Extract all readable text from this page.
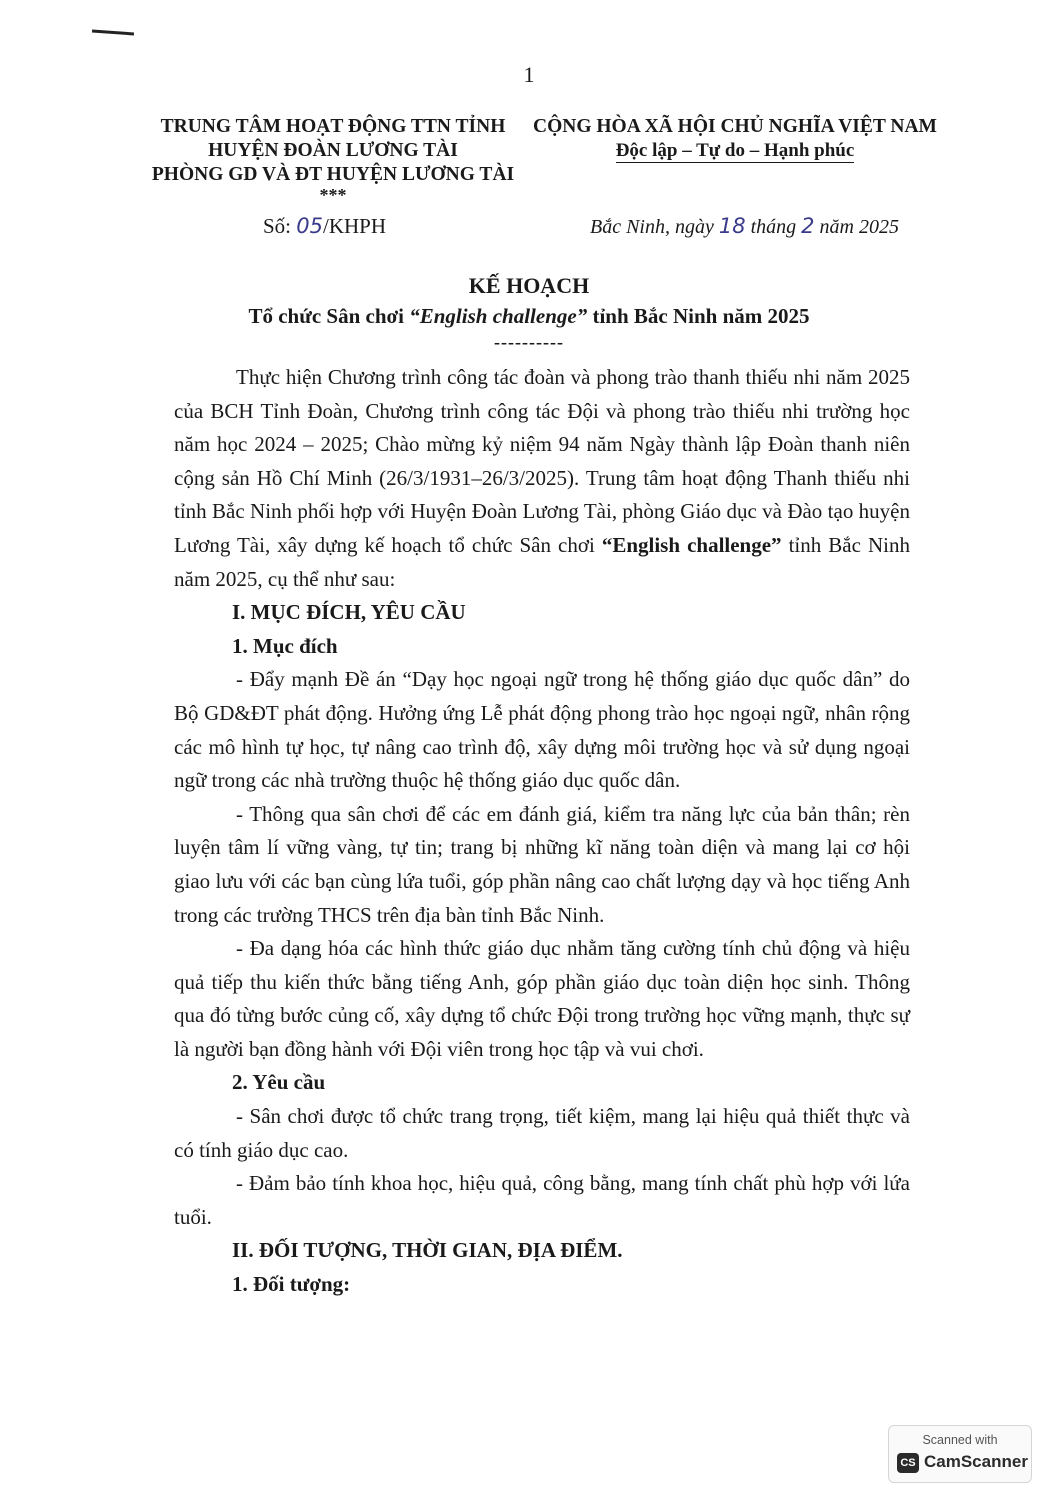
1
TRUNG TÂM HOẠT ĐỘNG TTN TỈNH
HUYỆN ĐOÀN LƯƠNG TÀI
PHÒNG GD VÀ ĐT HUYỆN LƯƠNG TÀI
***
CỘNG HÒA XÃ HỘI CHỦ NGHĨA VIỆT NAM
Độc lập – Tự do – Hạnh phúc
Số: 05/KHPH	Bắc Ninh, ngày 18 tháng 2 năm 2025
KẾ HOẠCH
Tổ chức Sân chơi “English challenge” tỉnh Bắc Ninh năm 2025
----------

Thực hiện Chương trình công tác đoàn và phong trào thanh thiếu nhi năm 2025 của BCH Tỉnh Đoàn, Chương trình công tác Đội và phong trào thiếu nhi trường học năm học 2024 – 2025; Chào mừng kỷ niệm 94 năm Ngày thành lập Đoàn thanh niên cộng sản Hồ Chí Minh (26/3/1931–26/3/2025). Trung tâm hoạt động Thanh thiếu nhi tỉnh Bắc Ninh phối hợp với Huyện Đoàn Lương Tài, phòng Giáo dục và Đào tạo huyện Lương Tài, xây dựng kế hoạch tổ chức Sân chơi “English challenge” tỉnh Bắc Ninh năm 2025, cụ thể như sau:

I. MỤC ĐÍCH, YÊU CẦU
1. Mục đích

- Đẩy mạnh Đề án “Dạy học ngoại ngữ trong hệ thống giáo dục quốc dân” do Bộ GD&ĐT phát động. Hưởng ứng Lễ phát động phong trào học ngoại ngữ, nhân rộng các mô hình tự học, tự nâng cao trình độ, xây dựng môi trường học và sử dụng ngoại ngữ trong các nhà trường thuộc hệ thống giáo dục quốc dân.

- Thông qua sân chơi để các em đánh giá, kiểm tra năng lực của bản thân; rèn luyện tâm lí vững vàng, tự tin; trang bị những kĩ năng toàn diện và mang lại cơ hội giao lưu với các bạn cùng lứa tuổi, góp phần nâng cao chất lượng dạy và học tiếng Anh trong các trường THCS trên địa bàn tỉnh Bắc Ninh.

- Đa dạng hóa các hình thức giáo dục nhằm tăng cường tính chủ động và hiệu quả tiếp thu kiến thức bằng tiếng Anh, góp phần giáo dục toàn diện học sinh. Thông qua đó từng bước củng cố, xây dựng tổ chức Đội trong trường học vững mạnh, thực sự là người bạn đồng hành với Đội viên trong học tập và vui chơi.

2. Yêu cầu

- Sân chơi được tổ chức trang trọng, tiết kiệm, mang lại hiệu quả thiết thực và có tính giáo dục cao.

- Đảm bảo tính khoa học, hiệu quả, công bằng, mang tính chất phù hợp với lứa tuổi.

II. ĐỐI TƯỢNG, THỜI GIAN, ĐỊA ĐIỂM.
1. Đối tượng:
Scanned with
CS CamScanner
